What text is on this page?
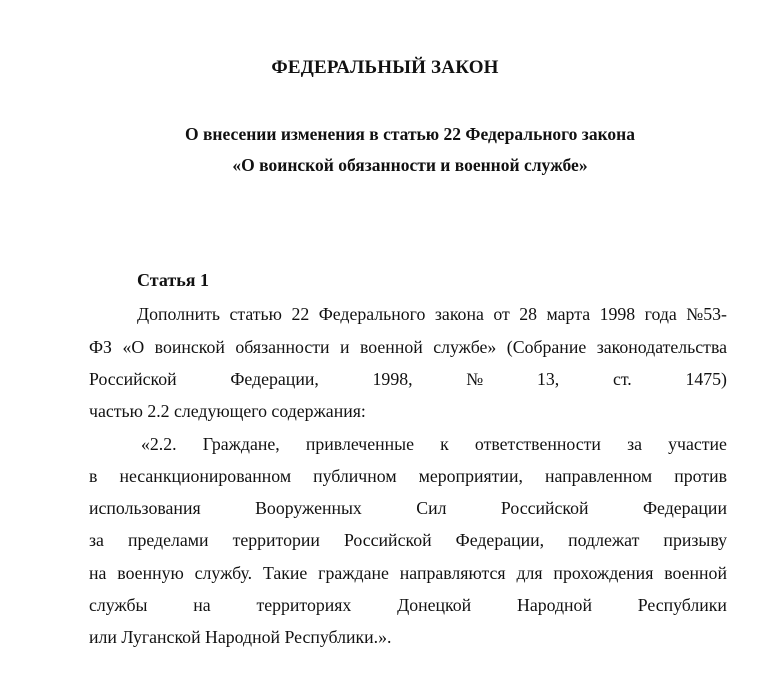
ФЕДЕРАЛЬНЫЙ ЗАКОН
О внесении изменения в статью 22 Федерального закона
«О воинской обязанности и военной службе»
Статья 1
Дополнить статью 22 Федерального закона от 28 марта 1998 года №53-
ФЗ «О воинской обязанности и военной службе» (Собрание законодательства
Российской	Федерации,	1998,	№	13,	ст.	1475)
частью 2.2 следующего содержания:
«2.2. Граждане, привлеченные к ответственности за участие
в несанкционированном публичном мероприятии, направленном против
использования	Вооруженных	Сил	Российской	Федерации
за пределами территории Российской Федерации, подлежат призыву
на военную службу. Такие граждане направляются для прохождения военной
службы	на	территориях	Донецкой	Народной	Республики
или Луганской Народной Республики.».
